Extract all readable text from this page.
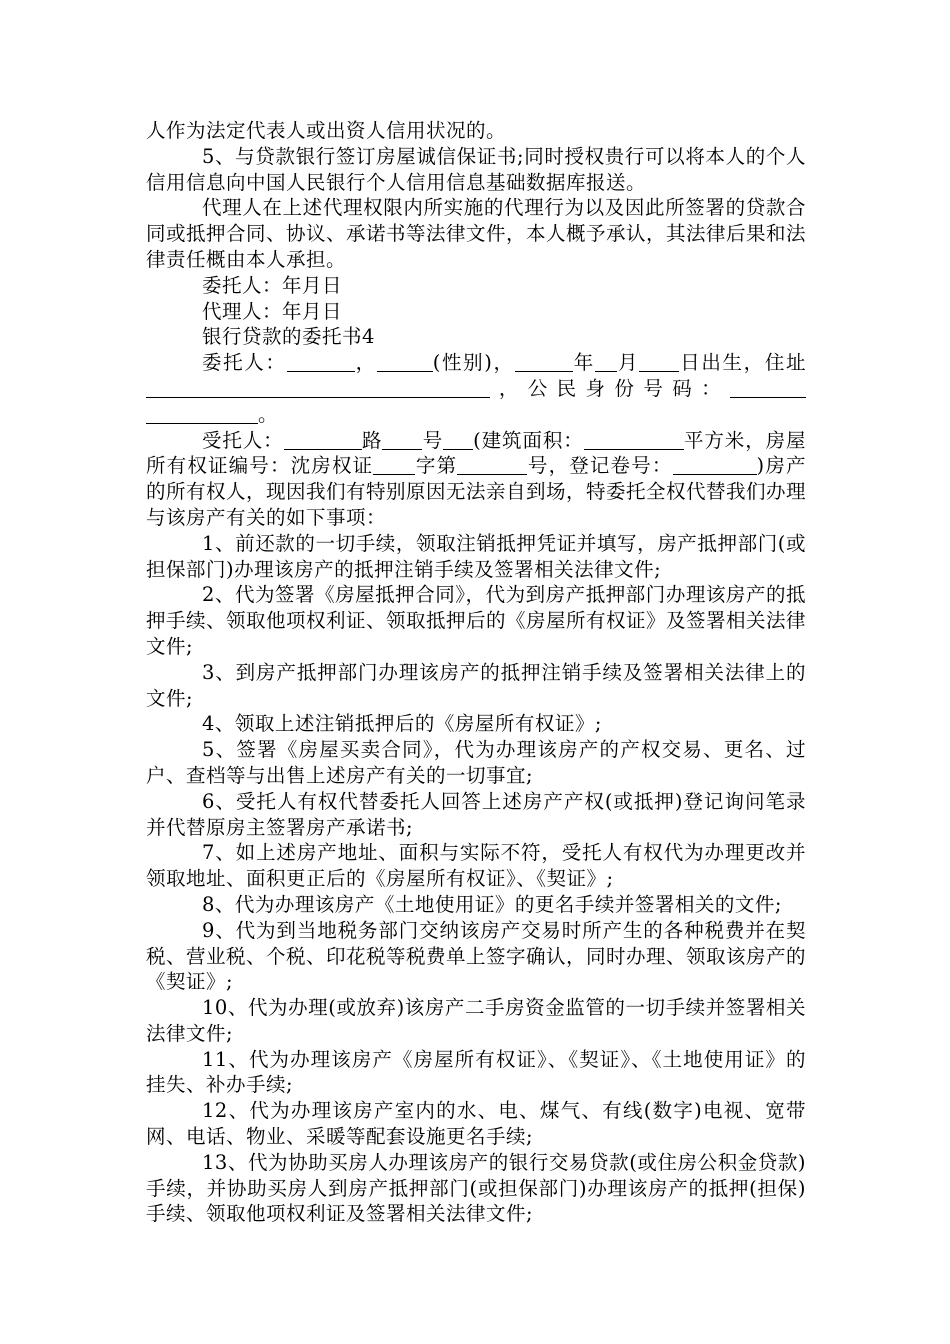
人作为法定代表人或出资人信用状况的。

5、与贷款银行签订房屋诚信保证书;同时授权贵行可以将本人的个人信用信息向中国人民银行个人信用信息基础数据库报送。

代理人在上述代理权限内所实施的代理行为以及因此所签署的贷款合同或抵押合同、协议、承诺书等法律文件，本人概予承认，其法律后果和法律责任概由本人承担。

委托人：年月日

代理人：年月日

银行贷款的委托书4

委托人：	，	(性别)，	年 月 日出生，住址，公民身份号码：。

受托人：	路 号 (建筑面积：	平方米，房屋所有权证编号：沈房权证 字第	号，登记卷号：	)房产的所有权人，现因我们有特别原因无法亲自到场，特委托全权代替我们办理与该房产有关的如下事项：

1、前还款的一切手续，领取注销抵押凭证并填写，房产抵押部门(或担保部门)办理该房产的抵押注销手续及签署相关法律文件;

2、代为签署《房屋抵押合同》，代为到房产抵押部门办理该房产的抵押手续、领取他项权利证、领取抵押后的《房屋所有权证》及签署相关法律文件;

3、到房产抵押部门办理该房产的抵押注销手续及签署相关法律上的文件;

4、领取上述注销抵押后的《房屋所有权证》;

5、签署《房屋买卖合同》，代为办理该房产的产权交易、更名、过户、查档等与出售上述房产有关的一切事宜;

6、受托人有权代替委托人回答上述房产产权(或抵押)登记询问笔录并代替原房主签署房产承诺书;

7、如上述房产地址、面积与实际不符，受托人有权代为办理更改并领取地址、面积更正后的《房屋所有权证》、《契证》;

8、代为办理该房产《土地使用证》的更名手续并签署相关的文件;

9、代为到当地税务部门交纳该房产交易时所产生的各种税费并在契税、营业税、个税、印花税等税费单上签字确认，同时办理、领取该房产的《契证》;

10、代为办理(或放弃)该房产二手房资金监管的一切手续并签署相关法律文件;

11、代为办理该房产《房屋所有权证》、《契证》、《土地使用证》的挂失、补办手续;

12、代为办理该房产室内的水、电、煤气、有线(数字)电视、宽带网、电话、物业、采暖等配套设施更名手续;

13、代为协助买房人办理该房产的银行交易贷款(或住房公积金贷款)手续，并协助买房人到房产抵押部门(或担保部门)办理该房产的抵押(担保)手续、领取他项权利证及签署相关法律文件;
